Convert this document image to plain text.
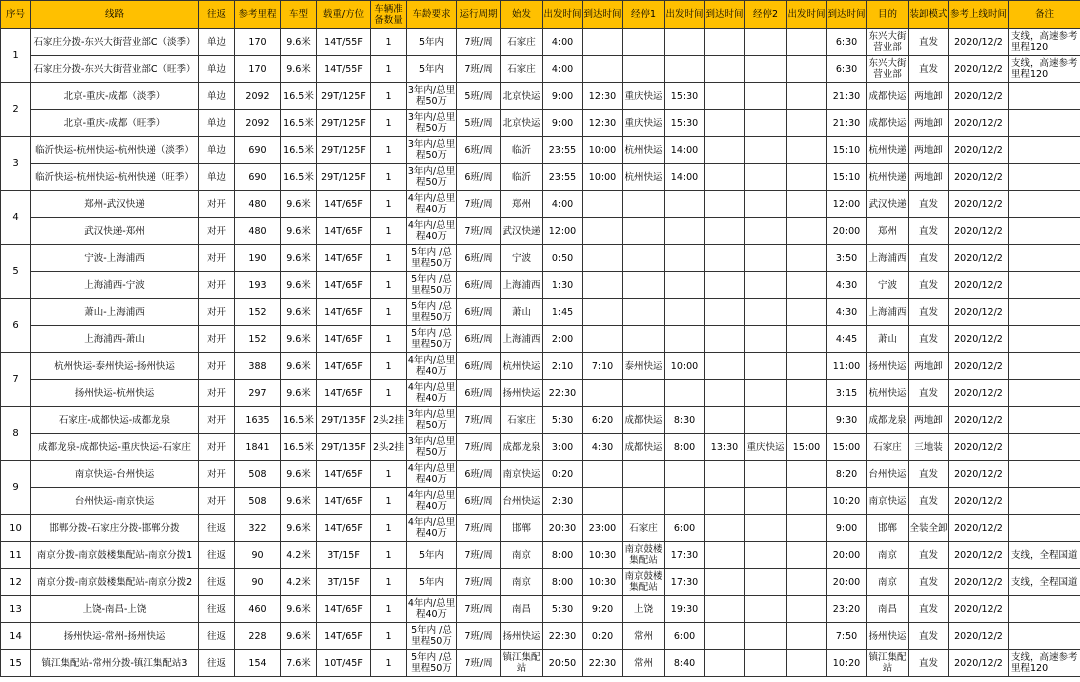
序号	线路	往返	参考里程	车型	载重/方位	车辆准备数量	车龄要求	运行周期	始发	出发时间	到达时间	经停1	出发时间	到达时间	经停2	出发时间	到达时间	目的	装卸模式	参考上线时间	备注
1	石家庄分拨-东兴大街营业部C（淡季）	单边	170	9.6米	14T/55F	1	5年内	7班/周	石家庄	4:00							6:30	东兴大街营业部	直发	2020/12/2	支线，高速参考里程120
	石家庄分拨-东兴大街营业部C（旺季）	单边	170	9.6米	14T/55F	1	5年内	7班/周	石家庄	4:00							6:30	东兴大街营业部	直发	2020/12/2	支线，高速参考里程120
2	北京-重庆-成都（淡季）	单边	2092	16.5米	29T/125F	1	3年内/总里程50万	5班/周	北京快运	9:00	12:30	重庆快运	15:30				21:30	成都快运	两地卸	2020/12/2	
	北京-重庆-成都（旺季）	单边	2092	16.5米	29T/125F	1	3年内/总里程50万	5班/周	北京快运	9:00	12:30	重庆快运	15:30				21:30	成都快运	两地卸	2020/12/2	
3	临沂快运-杭州快运-杭州快递（淡季）	单边	690	16.5米	29T/125F	1	3年内/总里程50万	6班/周	临沂	23:55	10:00	杭州快运	14:00				15:10	杭州快递	两地卸	2020/12/2	
	临沂快运-杭州快运-杭州快递（旺季）	单边	690	16.5米	29T/125F	1	3年内/总里程50万	6班/周	临沂	23:55	10:00	杭州快运	14:00				15:10	杭州快递	两地卸	2020/12/2	
4	郑州-武汉快递	对开	480	9.6米	14T/65F	1	4年内/总里程40万	7班/周	郑州	4:00							12:00	武汉快递	直发	2020/12/2	
	武汉快递-郑州	对开	480	9.6米	14T/65F	1	4年内/总里程40万	7班/周	武汉快递	12:00							20:00	郑州	直发	2020/12/2	
5	宁波-上海浦西	对开	190	9.6米	14T/65F	1	5年内 /总里程50万	6班/周	宁波	0:50							3:50	上海浦西	直发	2020/12/2	
	上海浦西-宁波	对开	193	9.6米	14T/65F	1	5年内 /总里程50万	6班/周	上海浦西	1:30							4:30	宁波	直发	2020/12/2	
6	萧山-上海浦西	对开	152	9.6米	14T/65F	1	5年内 /总里程50万	6班/周	萧山	1:45							4:30	上海浦西	直发	2020/12/2	
	上海浦西-萧山	对开	152	9.6米	14T/65F	1	5年内 /总里程50万	6班/周	上海浦西	2:00							4:45	萧山	直发	2020/12/2	
7	杭州快运-泰州快运-扬州快运	对开	388	9.6米	14T/65F	1	4年内/总里程40万	6班/周	杭州快运	2:10	7:10	泰州快运	10:00				11:00	扬州快运	两地卸	2020/12/2	
	扬州快运-杭州快运	对开	297	9.6米	14T/65F	1	4年内/总里程40万	6班/周	扬州快运	22:30							3:15	杭州快运	直发	2020/12/2	
8	石家庄-成都快运-成都龙泉	对开	1635	16.5米	29T/135F	2头2挂	3年内/总里程50万	7班/周	石家庄	5:30	6:20	成都快运	8:30				9:30	成都龙泉	两地卸	2020/12/2	
	成都龙泉-成都快运-重庆快运-石家庄	对开	1841	16.5米	29T/135F	2头2挂	3年内/总里程50万	7班/周	成都龙泉	3:00	4:30	成都快运	8:00	13:30	重庆快运	15:00	15:00	石家庄	三地装	2020/12/2	
9	南京快运-台州快运	对开	508	9.6米	14T/65F	1	4年内/总里程40万	6班/周	南京快运	0:20							8:20	台州快运	直发	2020/12/2	
	台州快运-南京快运	对开	508	9.6米	14T/65F	1	4年内/总里程40万	6班/周	台州快运	2:30							10:20	南京快运	直发	2020/12/2	
10	邯郸分拨-石家庄分拨-邯郸分拨	往返	322	9.6米	14T/65F	1	4年内/总里程40万	7班/周	邯郸	20:30	23:00	石家庄	6:00				9:00	邯郸	全装全卸	2020/12/2	
11	南京分拨-南京鼓楼集配站-南京分拨1	往返	90	4.2米	3T/15F	1	5年内	7班/周	南京	8:00	10:30	南京鼓楼集配站	17:30				20:00	南京	直发	2020/12/2	支线，全程国道
12	南京分拨-南京鼓楼集配站-南京分拨2	往返	90	4.2米	3T/15F	1	5年内	7班/周	南京	8:00	10:30	南京鼓楼集配站	17:30				20:00	南京	直发	2020/12/2	支线，全程国道
13	上饶-南昌-上饶	往返	460	9.6米	14T/65F	1	4年内/总里程40万	7班/周	南昌	5:30	9:20	上饶	19:30				23:20	南昌	直发	2020/12/2	
14	扬州快运-常州-扬州快运	往返	228	9.6米	14T/65F	1	5年内 /总里程50万	7班/周	扬州快运	22:30	0:20	常州	6:00				7:50	扬州快运	直发	2020/12/2	
15	镇江集配站-常州分拨-镇江集配站3	往返	154	7.6米	10T/45F	1	5年内 /总里程50万	7班/周	镇江集配站	20:50	22:30	常州	8:40				10:20	镇江集配站	直发	2020/12/2	支线，高速参考里程120
